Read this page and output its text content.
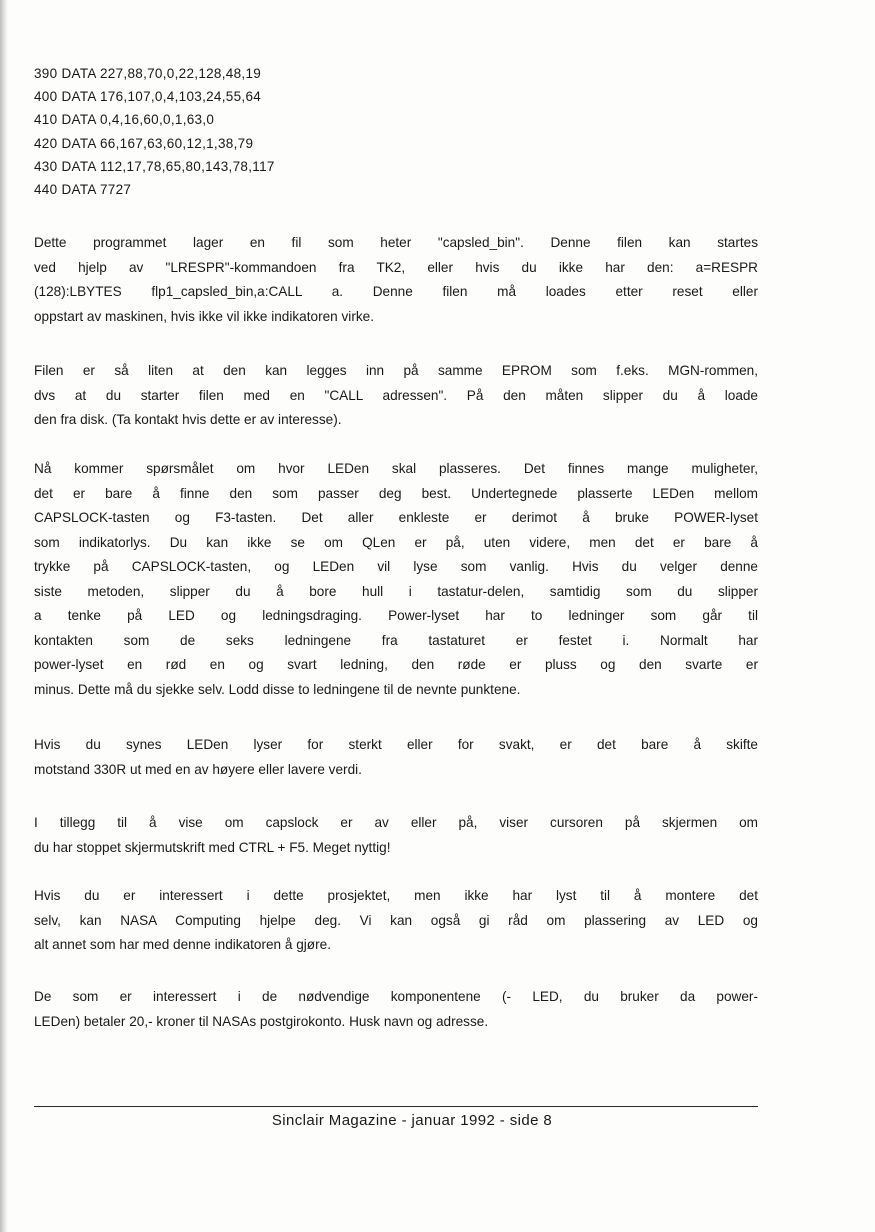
390 DATA 227,88,70,0,22,128,48,19
400 DATA 176,107,0,4,103,24,55,64
410 DATA 0,4,16,60,0,1,63,0
420 DATA 66,167,63,60,12,1,38,79
430 DATA 112,17,78,65,80,143,78,117
440 DATA 7727

Dette programmet lager en fil som heter "capsled_bin". Denne filen kan startes
ved hjelp av "LRESPR"-kommandoen fra TK2, eller hvis du ikke har den: a=RESPR
(128):LBYTES flp1_capsled_bin,a:CALL a. Denne filen må loades etter reset eller
oppstart av maskinen, hvis ikke vil ikke indikatoren virke.

Filen er så liten at den kan legges inn på samme EPROM som f.eks. MGN-rommen,
dvs at du starter filen med en "CALL adressen". På den måten slipper du å loade
den fra disk. (Ta kontakt hvis dette er av interesse).

Nå kommer spørsmålet om hvor LEDen skal plasseres. Det finnes mange muligheter,
det er bare å finne den som passer deg best. Undertegnede plasserte LEDen mellom
CAPSLOCK-tasten og F3-tasten. Det aller enkleste er derimot å bruke POWER-lyset
som indikatorlys. Du kan ikke se om QLen er på, uten videre, men det er bare å
trykke på CAPSLOCK-tasten, og LEDen vil lyse som vanlig. Hvis du velger denne
siste metoden, slipper du å bore hull i tastatur-delen, samtidig som du slipper
a tenke på LED og ledningsdraging. Power-lyset har to ledninger som går til
kontakten som de seks ledningene fra tastaturet er festet i. Normalt har
power-lyset en rød en og svart ledning, den røde er pluss og den svarte er
minus. Dette må du sjekke selv. Lodd disse to ledningene til de nevnte punktene.

Hvis du synes LEDen lyser for sterkt eller for svakt, er det bare å skifte
motstand 330R ut med en av høyere eller lavere verdi.

I tillegg til å vise om capslock er av eller på, viser cursoren på skjermen om
du har stoppet skjermutskrift med CTRL + F5. Meget nyttig!

Hvis du er interessert i dette prosjektet, men ikke har lyst til å montere det
selv, kan NASA Computing hjelpe deg. Vi kan også gi råd om plassering av LED og
alt annet som har med denne indikatoren å gjøre.

De som er interessert i de nødvendige komponentene (- LED, du bruker da power-
LEDen) betaler 20,- kroner til NASAs postgirokonto. Husk navn og adresse.

Sinclair Magazine - januar 1992 - side 8
